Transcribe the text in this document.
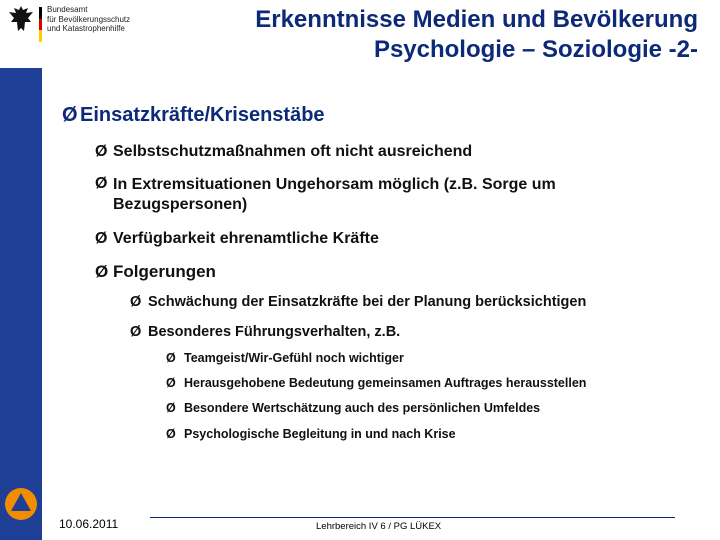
Bundesamt
für Bevölkerungsschutz
und Katastrophenhilfe	Erkenntnisse Medien und Bevölkerung
Psychologie – Soziologie -2-
Ø Einsatzkräfte/Krisenstäbe
Ø Selbstschutzmaßnahmen oft nicht ausreichend
Ø In Extremsituationen Ungehorsam möglich (z.B. Sorge um Bezugspersonen)
Ø Verfügbarkeit ehrenamtliche Kräfte
Ø Folgerungen
Ø Schwächung der Einsatzkräfte bei der Planung berücksichtigen
Ø Besonderes Führungsverhalten, z.B.
Ø Teamgeist/Wir-Gefühl noch wichtiger
Ø Herausgehobene Bedeutung gemeinsamen Auftrages herausstellen
Ø Besondere Wertschätzung auch des persönlichen Umfeldes
Ø Psychologische Begleitung in und nach Krise
10.06.2011	Lehrbereich IV 6 / PG LÜKEX
